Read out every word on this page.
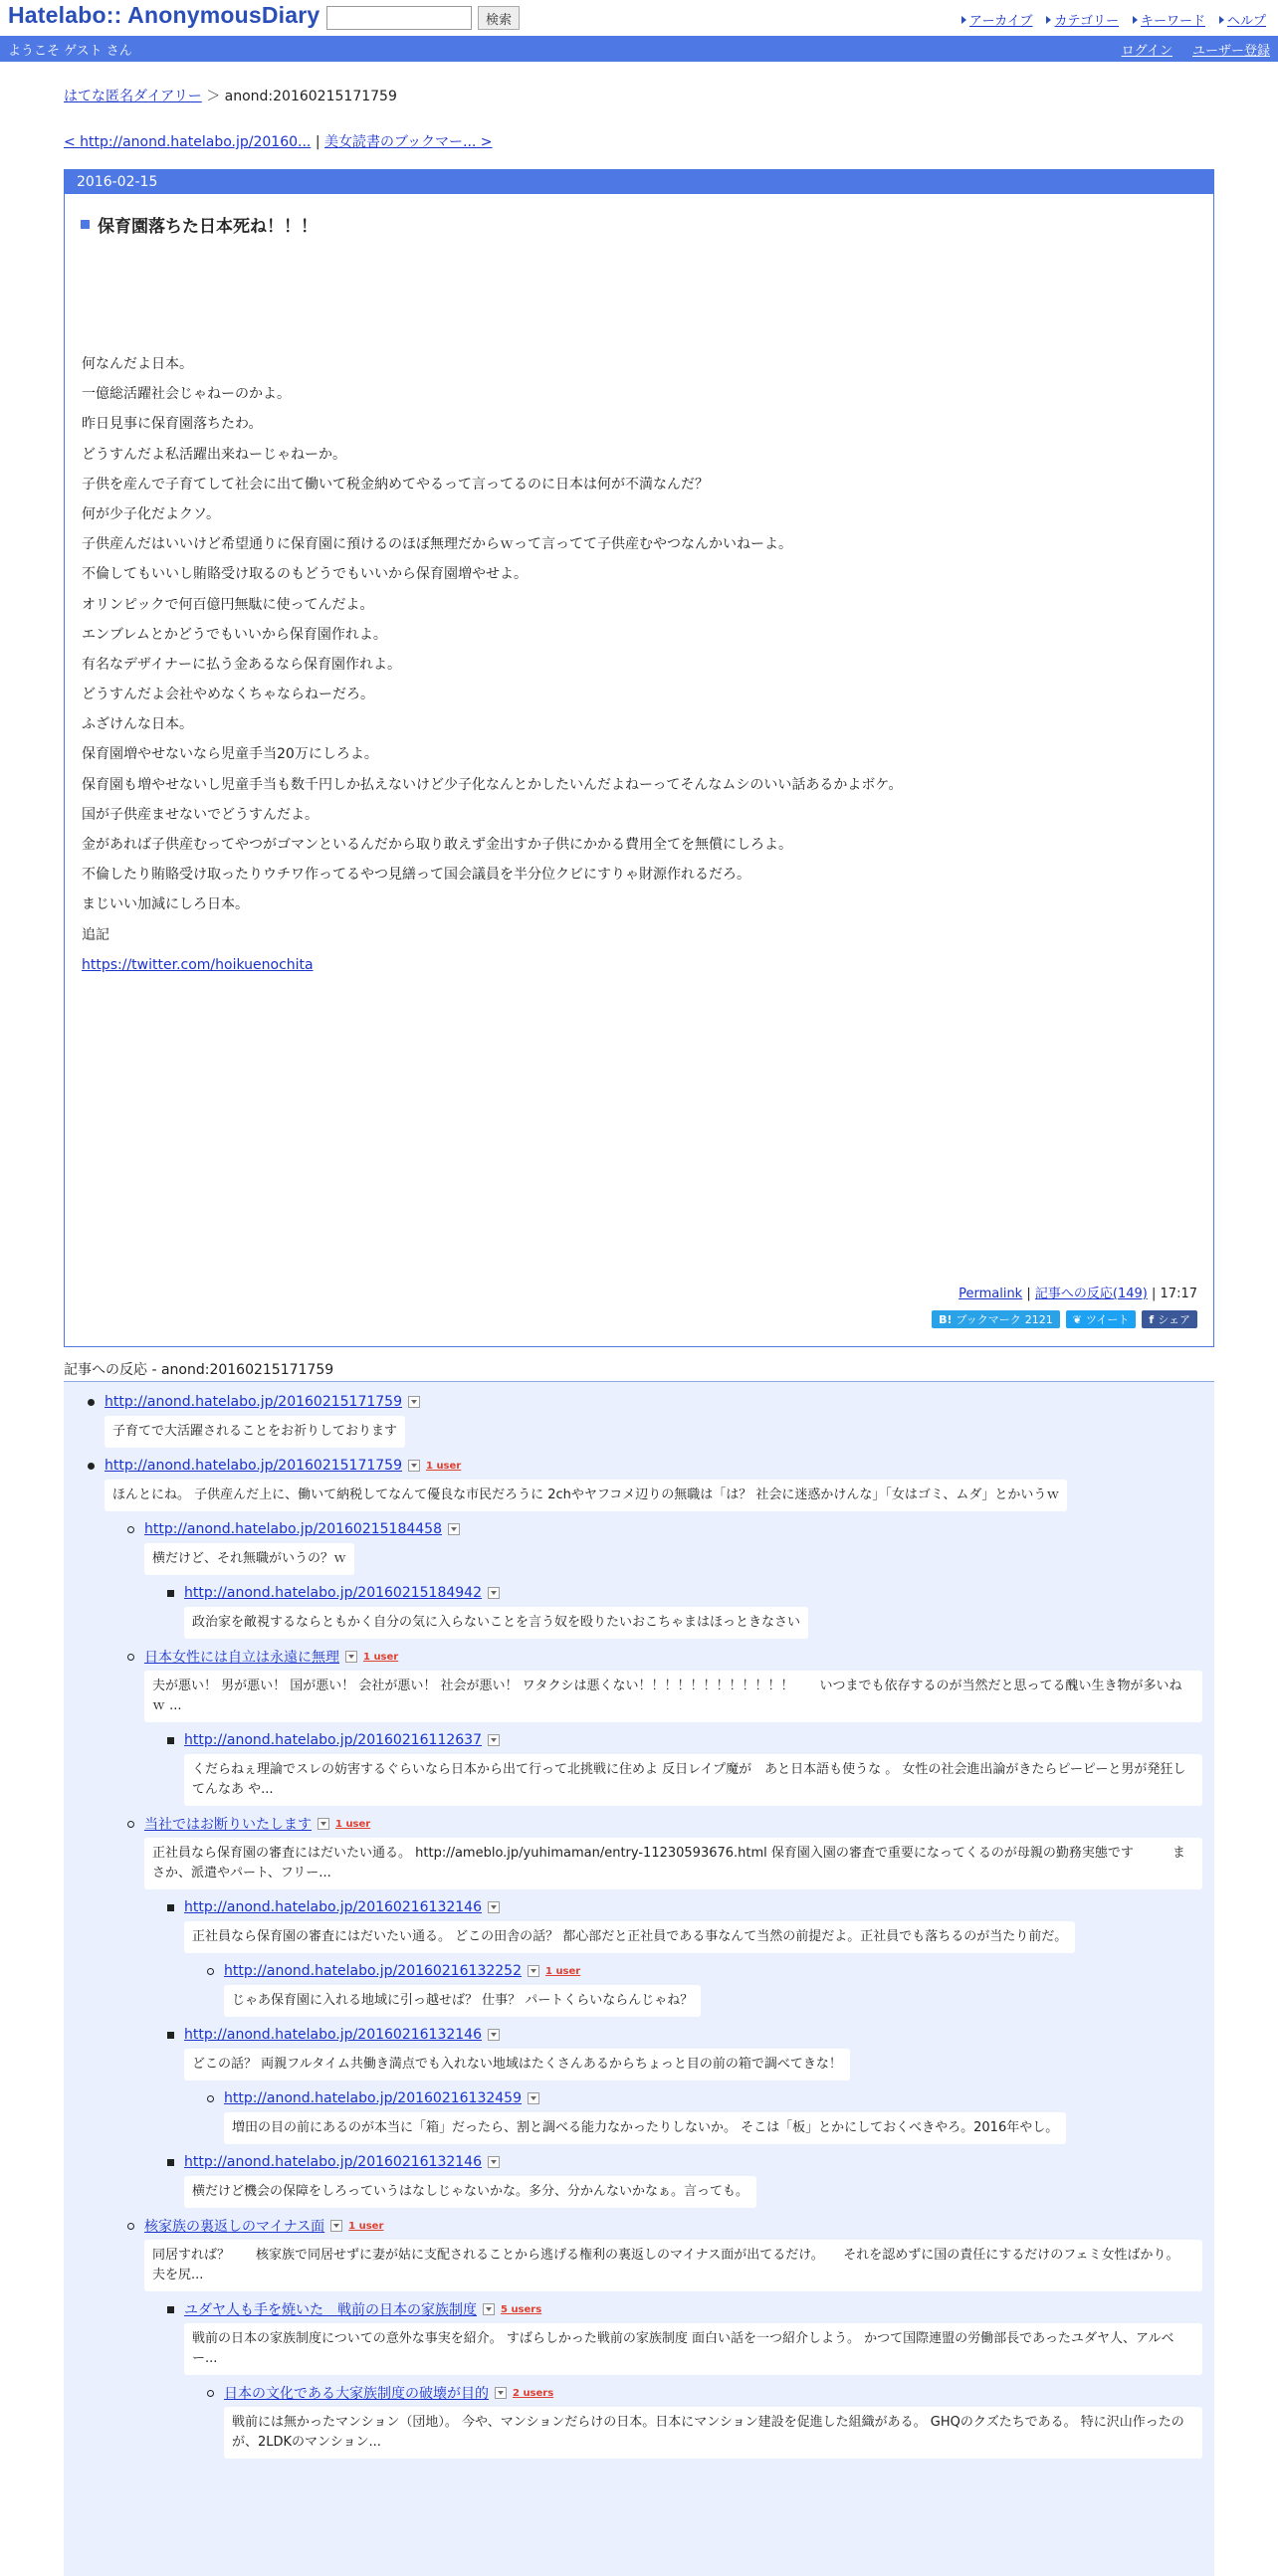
Hatelabo:: AnonymousDiary	検索	アーカイブ カテゴリー キーワード ヘルプ
ようこそ ゲスト さん	ログイン ユーザー登録
はてな匿名ダイアリー ＞ anond:20160215171759
< http://anond.hatelabo.jp/20160... | 美女読書のブックマー... >
2016-02-15
保育園落ちた日本死ね！！！

何なんだよ日本。

一億総活躍社会じゃねーのかよ。

昨日見事に保育園落ちたわ。

どうすんだよ私活躍出来ねーじゃねーか。

子供を産んで子育てして社会に出て働いて税金納めてやるって言ってるのに日本は何が不満なんだ？

何が少子化だよクソ。

子供産んだはいいけど希望通りに保育園に預けるのほぼ無理だからｗって言ってて子供産むやつなんかいねーよ。

不倫してもいいし賄賂受け取るのもどうでもいいから保育園増やせよ。

オリンピックで何百億円無駄に使ってんだよ。

エンブレムとかどうでもいいから保育園作れよ。

有名なデザイナーに払う金あるなら保育園作れよ。

どうすんだよ会社やめなくちゃならねーだろ。

ふざけんな日本。

保育園増やせないなら児童手当20万にしろよ。

保育園も増やせないし児童手当も数千円しか払えないけど少子化なんとかしたいんだよねーってそんなムシのいい話あるかよボケ。

国が子供産ませないでどうすんだよ。

金があれば子供産むってやつがゴマンといるんだから取り敢えず金出すか子供にかかる費用全てを無償にしろよ。

不倫したり賄賂受け取ったりウチワ作ってるやつ見繕って国会議員を半分位クビにすりゃ財源作れるだろ。

まじいい加減にしろ日本。

追記

https://twitter.com/hoikuenochita

Permalink | 記事への反応(149) | 17:17
B! ブックマーク 2121 ❦ ツイート f シェア
記事への反応 - anond:20160215171759
http://anond.hatelabo.jp/20160215171759
子育てで大活躍されることをお祈りしております
http://anond.hatelabo.jp/20160215171759 1 user
ほんとにね。 子供産んだ上に、働いて納税してなんて優良な市民だろうに 2chやヤフコメ辺りの無職は「は？ 社会に迷惑かけんな」「女はゴミ、ムダ」とかいうｗ
http://anond.hatelabo.jp/20160215184458
横だけど、それ無職がいうの？ｗ
http://anond.hatelabo.jp/20160215184942
政治家を敵視するならともかく自分の気に入らないことを言う奴を殴りたいおこちゃまはほっときなさい
日本女性には自立は永遠に無理 1 user
夫が悪い！ 男が悪い！ 国が悪い！ 会社が悪い！ 社会が悪い！ ワタクシは悪くない！！！！！！！！！！！！　　いつまでも依存するのが当然だと思ってる醜い生き物が多いねｗ ...
http://anond.hatelabo.jp/20160216112637
くだらねぇ理論でスレの妨害するぐらいなら日本から出て行って北挑戦に住めよ 反日レイプ魔が　あと日本語も使うな 。 女性の社会進出論がきたらピーピーと男が発狂してんなあ や...
当社ではお断りいたします 1 user
正社員なら保育園の審査にはだいたい通る。 http://ameblo.jp/yuhimaman/entry-11230593676.html 保育園入園の審査で重要になってくるのが母親の勤務実態です　　　まさか、派遣やパート、フリー...
http://anond.hatelabo.jp/20160216132146
正社員なら保育園の審査にはだいたい通る。 どこの田舎の話？ 都心部だと正社員である事なんて当然の前提だよ。正社員でも落ちるのが当たり前だ。
http://anond.hatelabo.jp/20160216132252 1 user
じゃあ保育園に入れる地域に引っ越せば？ 仕事？ パートくらいならんじゃね？
http://anond.hatelabo.jp/20160216132146
どこの話？ 両親フルタイム共働き満点でも入れない地域はたくさんあるからちょっと目の前の箱で調べてきな！
http://anond.hatelabo.jp/20160216132459
増田の目の前にあるのが本当に「箱」だったら、割と調べる能力なかったりしないか。 そこは「板」とかにしておくべきやろ。2016年やし。
http://anond.hatelabo.jp/20160216132146
横だけど機会の保障をしろっていうはなしじゃないかな。多分、分かんないかなぁ。言っても。
核家族の裏返しのマイナス面 1 user
同居すれば？　　核家族で同居せずに妻が姑に支配されることから逃げる権利の裏返しのマイナス面が出てるだけ。　　それを認めずに国の責任にするだけのフェミ女性ばかり。 夫を尻...
ユダヤ人も手を焼いた　戦前の日本の家族制度 5 users
戦前の日本の家族制度についての意外な事実を紹介。 すばらしかった戦前の家族制度 面白い話を一つ紹介しよう。 かつて国際連盟の労働部長であったユダヤ人、アルベー...
日本の文化である大家族制度の破壊が目的 2 users
戦前には無かったマンション（団地）。 今や、マンションだらけの日本。日本にマンション建設を促進した組織がある。 GHQのクズたちである。 特に沢山作ったのが、2LDKのマンション...
